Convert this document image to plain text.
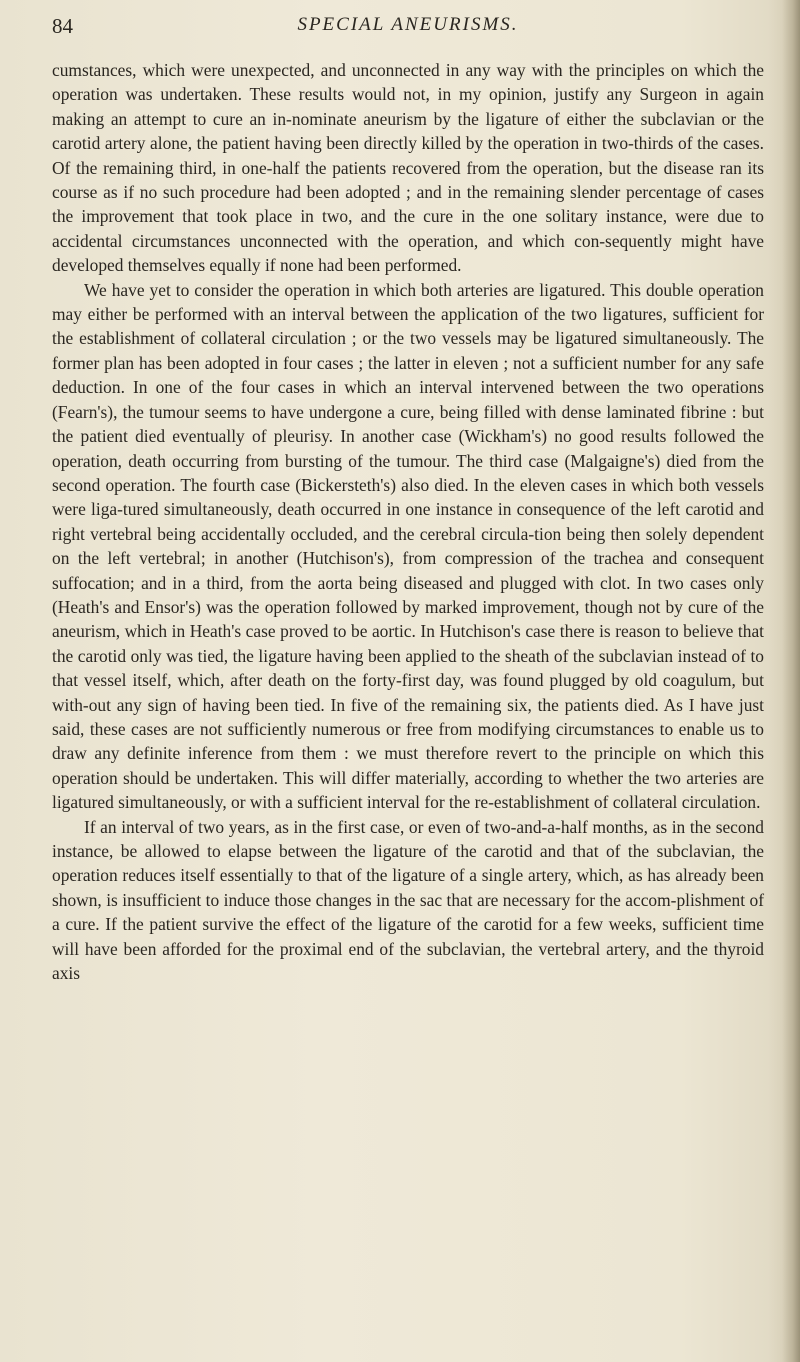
84	SPECIAL ANEURISMS.

cumstances, which were unexpected, and unconnected in any way with the principles on which the operation was undertaken. These results would not, in my opinion, justify any Surgeon in again making an attempt to cure an in-nominate aneurism by the ligature of either the subclavian or the carotid artery alone, the patient having been directly killed by the operation in two-thirds of the cases. Of the remaining third, in one-half the patients recovered from the operation, but the disease ran its course as if no such procedure had been adopted ; and in the remaining slender percentage of cases the improvement that took place in two, and the cure in the one solitary instance, were due to accidental circumstances unconnected with the operation, and which con-sequently might have developed themselves equally if none had been performed.

We have yet to consider the operation in which both arteries are ligatured. This double operation may either be performed with an interval between the application of the two ligatures, sufficient for the establishment of collateral circulation ; or the two vessels may be ligatured simultaneously. The former plan has been adopted in four cases ; the latter in eleven ; not a sufficient number for any safe deduction. In one of the four cases in which an interval intervened between the two operations (Fearn's), the tumour seems to have undergone a cure, being filled with dense laminated fibrine : but the patient died eventually of pleurisy. In another case (Wickham's) no good results followed the operation, death occurring from bursting of the tumour. The third case (Malgaigne's) died from the second operation. The fourth case (Bickersteth's) also died. In the eleven cases in which both vessels were liga-tured simultaneously, death occurred in one instance in consequence of the left carotid and right vertebral being accidentally occluded, and the cerebral circula-tion being then solely dependent on the left vertebral; in another (Hutchison's), from compression of the trachea and consequent suffocation; and in a third, from the aorta being diseased and plugged with clot. In two cases only (Heath's and Ensor's) was the operation followed by marked improvement, though not by cure of the aneurism, which in Heath's case proved to be aortic. In Hutchison's case there is reason to believe that the carotid only was tied, the ligature having been applied to the sheath of the subclavian instead of to that vessel itself, which, after death on the forty-first day, was found plugged by old coagulum, but with-out any sign of having been tied. In five of the remaining six, the patients died. As I have just said, these cases are not sufficiently numerous or free from modifying circumstances to enable us to draw any definite inference from them : we must therefore revert to the principle on which this operation should be undertaken. This will differ materially, according to whether the two arteries are ligatured simultaneously, or with a sufficient interval for the re-establishment of collateral circulation.

If an interval of two years, as in the first case, or even of two-and-a-half months, as in the second instance, be allowed to elapse between the ligature of the carotid and that of the subclavian, the operation reduces itself essentially to that of the ligature of a single artery, which, as has already been shown, is insufficient to induce those changes in the sac that are necessary for the accom-plishment of a cure. If the patient survive the effect of the ligature of the carotid for a few weeks, sufficient time will have been afforded for the proximal end of the subclavian, the vertebral artery, and the thyroid axis
